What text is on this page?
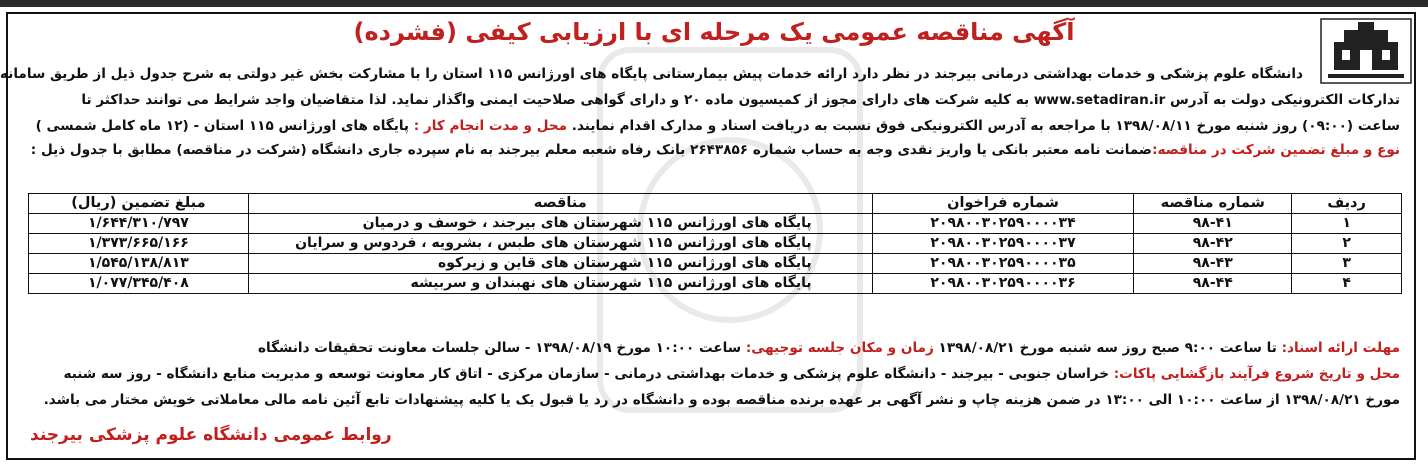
آگهی مناقصه عمومی یک مرحله ای با ارزیابی کیفی (فشرده)
دانشگاه علوم پزشکی و خدمات بهداشتی درمانی بیرجند در نظر دارد ارائه خدمات پیش بیمارستانی پایگاه های اورژانس ۱۱۵ استان را با مشارکت بخش غیر دولتی به شرح جدول ذیل از طریق سامانه
تدارکات الکترونیکی دولت به آدرس www.setadiran.ir به کلیه شرکت های دارای مجوز از کمیسیون ماده ۲۰ و دارای گواهی صلاحیت ایمنی واگذار نماید. لذا متقاضیان واجد شرایط می توانند حداکثر تا
ساعت (۰۹:۰۰) روز شنبه مورخ ۱۳۹۸/۰۸/۱۱ با مراجعه به آدرس الکترونیکی فوق نسبت به دریافت اسناد و مدارک اقدام نمایند. محل و مدت انجام کار : پایگاه های اورژانس ۱۱۵ استان - (۱۲ ماه کامل شمسی )
نوع و مبلغ تضمین شرکت در مناقصه:ضمانت نامه معتبر بانکی یا واریز نقدی وجه به حساب شماره ۲۶۴۳۸۵۶ بانک رفاه شعبه معلم بیرجند به نام سپرده جاری دانشگاه (شرکت در مناقصه) مطابق با جدول ذیل :
ردیف	شماره مناقصه	شماره فراخوان	مناقصه	مبلغ تضمین (ریال)
۱	۹۸-۴۱	۲۰۹۸۰۰۳۰۲۵۹۰۰۰۰۳۴	پایگاه های اورژانس ۱۱۵ شهرستان های بیرجند ، خوسف و درمیان	۱/۶۴۴/۳۱۰/۷۹۷
۲	۹۸-۴۲	۲۰۹۸۰۰۳۰۲۵۹۰۰۰۰۳۷	پایگاه های اورژانس ۱۱۵ شهرستان های طبس ، بشرویه ، فردوس و سرایان	۱/۳۷۳/۶۶۵/۱۶۶
۳	۹۸-۴۳	۲۰۹۸۰۰۳۰۲۵۹۰۰۰۰۳۵	پایگاه های اورژانس ۱۱۵ شهرستان های قاین و زیرکوه	۱/۵۴۵/۱۳۸/۸۱۳
۴	۹۸-۴۴	۲۰۹۸۰۰۳۰۲۵۹۰۰۰۰۳۶	پایگاه های اورژانس ۱۱۵ شهرستان های نهبندان و سربیشه	۱/۰۷۷/۳۴۵/۴۰۸
مهلت ارائه اسناد: تا ساعت ۹:۰۰ صبح روز سه شنبه مورخ ۱۳۹۸/۰۸/۲۱ زمان و مکان جلسه توجیهی: ساعت ۱۰:۰۰ مورخ ۱۳۹۸/۰۸/۱۹ - سالن جلسات معاونت تحقیقات دانشگاه
محل و تاریخ شروع فرآیند بازگشایی پاکات: خراسان جنوبی - بیرجند - دانشگاه علوم پزشکی و خدمات بهداشتی درمانی - سازمان مرکزی - اتاق کار معاونت توسعه و مدیریت منابع دانشگاه - روز سه شنبه
مورخ ۱۳۹۸/۰۸/۲۱ از ساعت ۱۰:۰۰ الی ۱۳:۰۰ در ضمن هزینه چاپ و نشر آگهی بر عهده برنده مناقصه بوده و دانشگاه در رد یا قبول یک یا کلیه پیشنهادات تابع آئین نامه مالی معاملاتی خویش مختار می باشد.
روابط عمومی دانشگاه علوم پزشکی بیرجند
